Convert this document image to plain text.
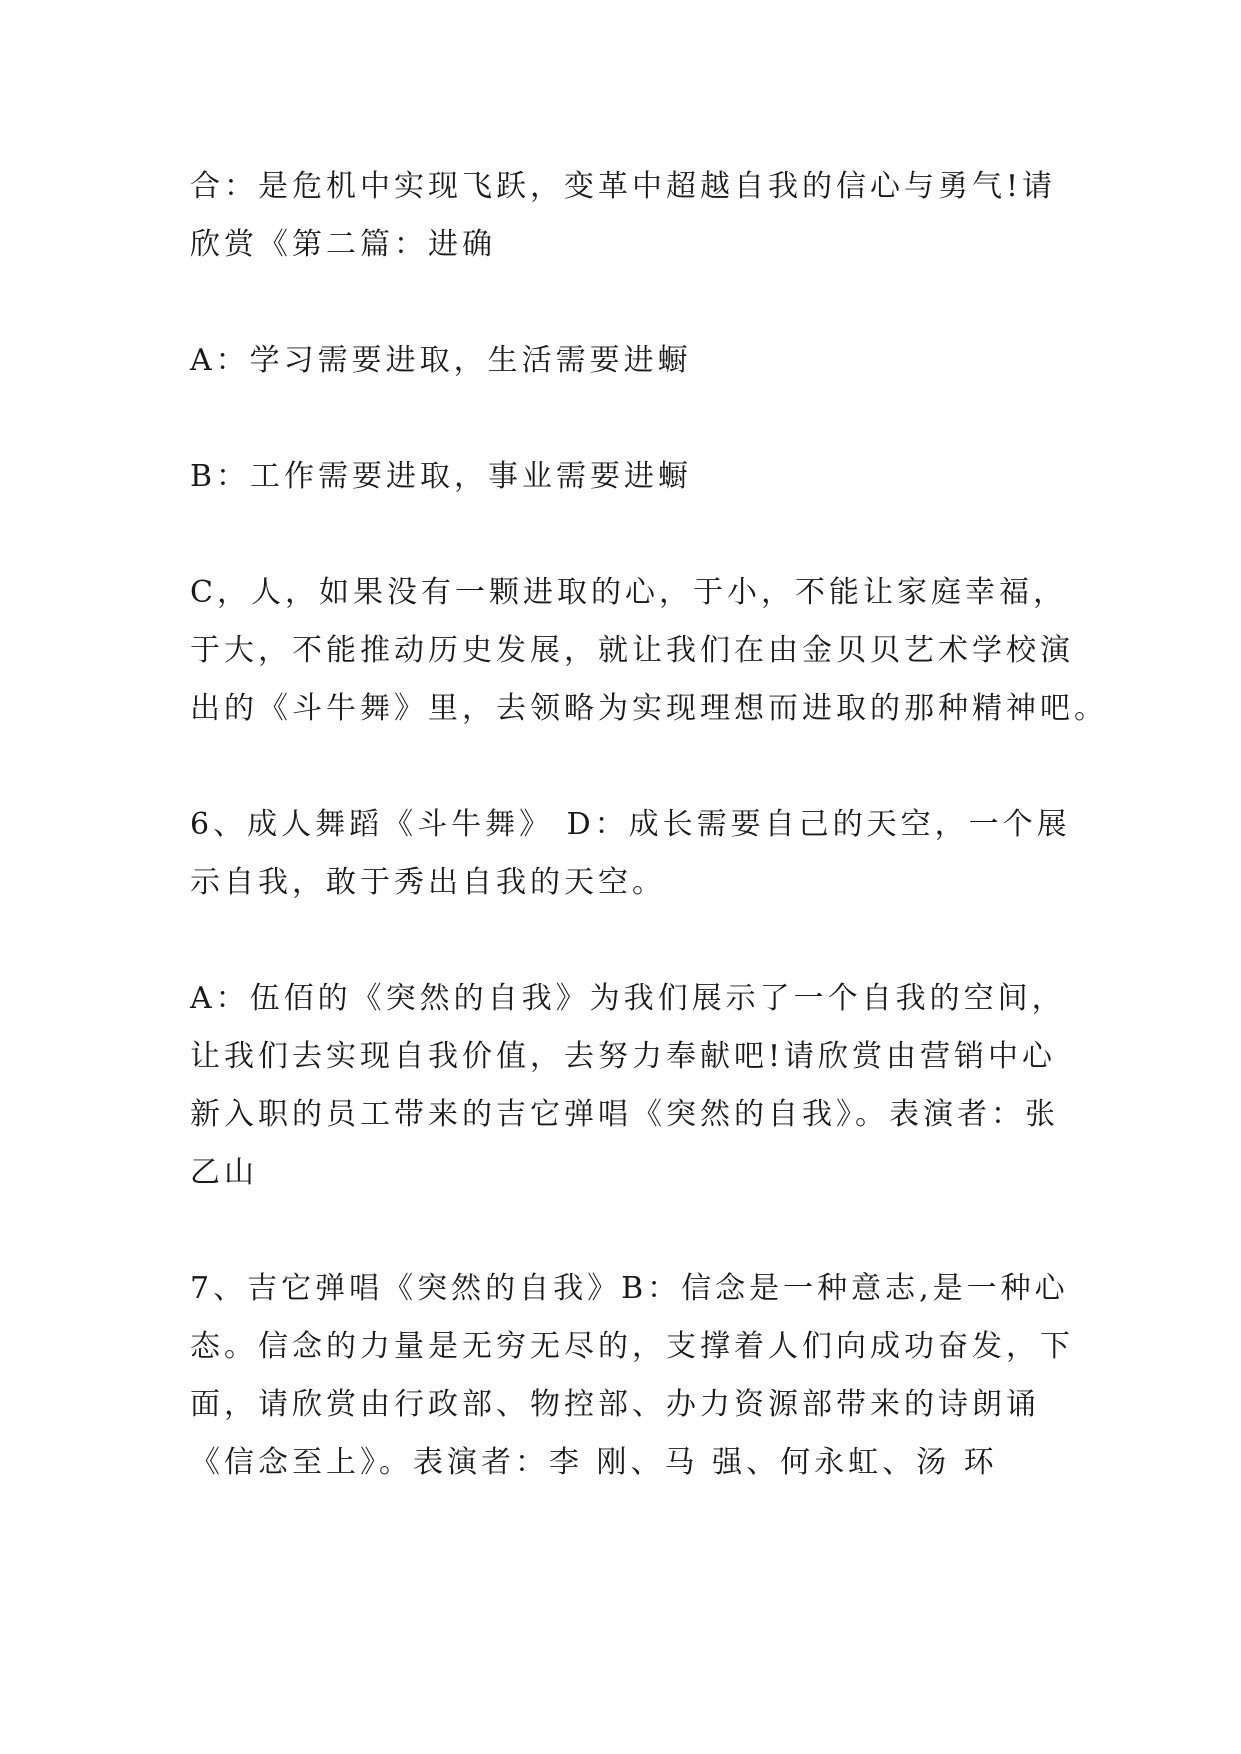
合：是危机中实现飞跃，变革中超越自我的信心与勇气!请
欣赏《第二篇：进确

A：学习需要进取，生活需要进蟵

B：工作需要进取，事业需要进蟵

C，人，如果没有一颗进取的心，于小，不能让家庭幸福，
于大，不能推动历史发展，就让我们在由金贝贝艺术学校演
出的《斗牛舞》里，去领略为实现理想而进取的那种精神吧。

6、成人舞蹈《斗牛舞》 D：成长需要自己的天空，一个展
示自我，敢于秀出自我的天空。

A：伍佰的《突然的自我》为我们展示了一个自我的空间，
让我们去实现自我价值，去努力奉献吧!请欣赏由营销中心
新入职的员工带来的吉它弹唱《突然的自我》。表演者：张
乙山

7、吉它弹唱《突然的自我》B：信念是一种意志,是一种心
态。信念的力量是无穷无尽的，支撑着人们向成功奋发，下
面，请欣赏由行政部、物控部、办力资源部带来的诗朗诵
《信念至上》。表演者：李 刚、马 强、何永虹、汤 环
